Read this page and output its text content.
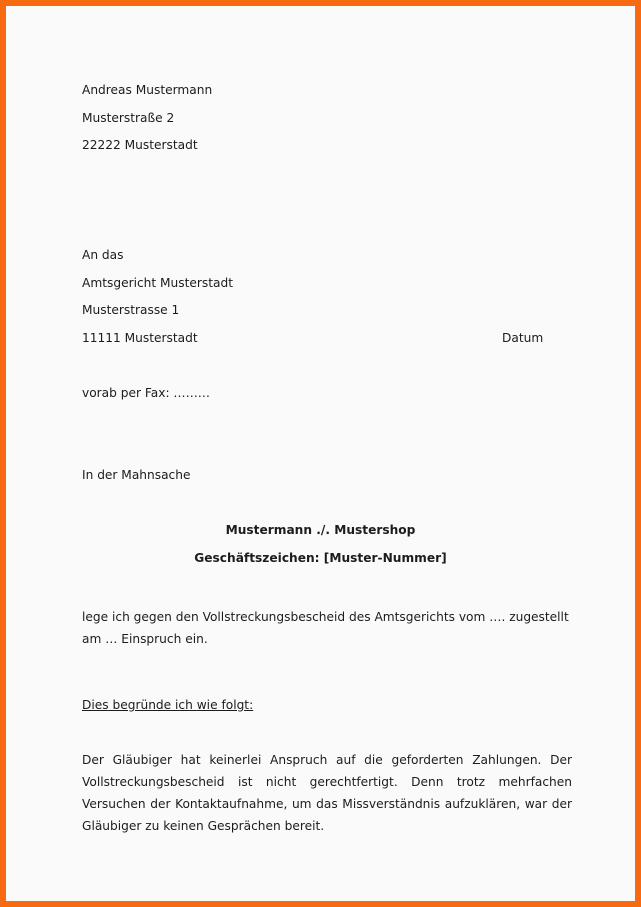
Andreas Mustermann
Musterstraße 2
22222 Musterstadt
An das
Amtsgericht Musterstadt
Musterstrasse 1
11111 Musterstadt	Datum
vorab per Fax: ………
In der Mahnsache
Mustermann ./. Mustershop
Geschäftszeichen: [Muster-Nummer]
lege ich gegen den Vollstreckungsbescheid des Amtsgerichts vom …. zugestellt am … Einspruch ein.
Dies begründe ich wie folgt:
Der Gläubiger hat keinerlei Anspruch auf die geforderten Zahlungen. Der Vollstreckungsbescheid ist nicht gerechtfertigt. Denn trotz mehrfachen Versuchen der Kontaktaufnahme, um das Missverständnis aufzuklären, war der Gläubiger zu keinen Gesprächen bereit.
